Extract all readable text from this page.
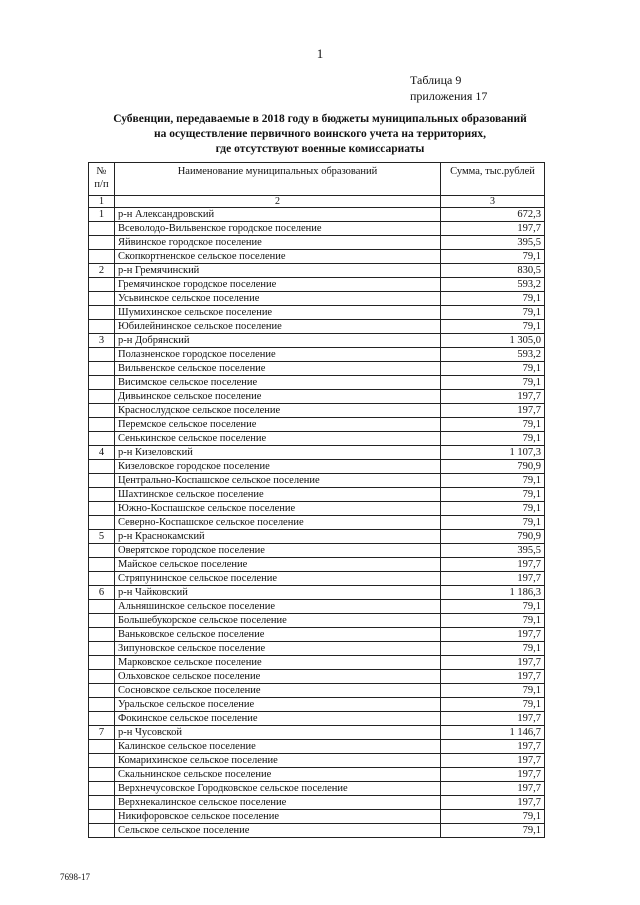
1
Таблица 9
приложения 17
Субвенции, передаваемые в 2018 году в бюджеты муниципальных образований
на осуществление первичного воинского учета на территориях,
где отсутствуют военные комиссариаты
№ п/п	Наименование муниципальных образований	Сумма, тыс.рублей
1	2	3
1	р-н Александровский	672,3
	Всеволодо-Вильвенское городское поселение	197,7
	Яйвинское городское поселение	395,5
	Скопкортненское сельское поселение	79,1
2	р-н Гремячинский	830,5
	Гремячинское городское поселение	593,2
	Усьвинское сельское поселение	79,1
	Шумихинское сельское поселение	79,1
	Юбилейнинское сельское поселение	79,1
3	р-н Добрянский	1 305,0
	Полазненское городское поселение	593,2
	Вильвенское сельское поселение	79,1
	Висимское сельское поселение	79,1
	Дивьинское сельское поселение	197,7
	Краснослудское сельское поселение	197,7
	Перемское сельское поселение	79,1
	Сенькинское сельское поселение	79,1
4	р-н Кизеловский	1 107,3
	Кизеловское городское поселение	790,9
	Центрально-Коспашское сельское поселение	79,1
	Шахтинское сельское поселение	79,1
	Южно-Коспашское сельское поселение	79,1
	Северно-Коспашское сельское поселение	79,1
5	р-н Краснокамский	790,9
	Оверятское городское поселение	395,5
	Майское сельское поселение	197,7
	Стряпунинское сельское поселение	197,7
6	р-н Чайковский	1 186,3
	Альняшинское сельское поселение	79,1
	Большебукорское сельское поселение	79,1
	Ваньковское сельское поселение	197,7
	Зипуновское сельское поселение	79,1
	Марковское сельское поселение	197,7
	Ольховское сельское поселение	197,7
	Сосновское сельское поселение	79,1
	Уральское сельское поселение	79,1
	Фокинское сельское поселение	197,7
7	р-н Чусовской	1 146,7
	Калинское сельское поселение	197,7
	Комарихинское сельское поселение	197,7
	Скальнинское сельское поселение	197,7
	Верхнечусовское Городковское сельское поселение	197,7
	Верхнекалинское сельское поселение	197,7
	Никифоровское сельское поселение	79,1
	Сельское сельское поселение	79,1
7698-17
